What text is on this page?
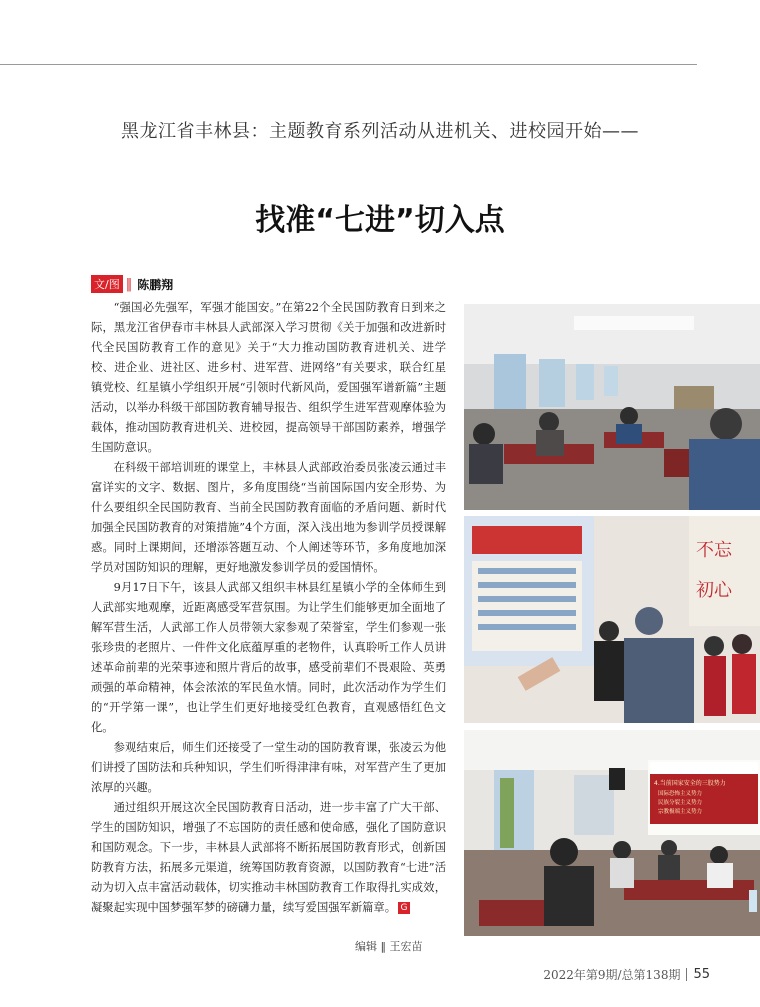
黑龙江省丰林县：主题教育系列活动从进机关、进校园开始——
找准“七进”切入点
文/图 ‖ 陈鹏翔

“强国必先强军，军强才能国安。”在第22个全民国防教育日到来之际，黑龙江省伊春市丰林县人武部深入学习贯彻《关于加强和改进新时代全民国防教育工作的意见》关于“大力推动国防教育进机关、进学校、进企业、进社区、进乡村、进军营、进网络”有关要求，联合红星镇党校、红星镇小学组织开展“引领时代新风尚，爱国强军谱新篇”主题活动，以举办科级干部国防教育辅导报告、组织学生进军营观摩体验为载体，推动国防教育进机关、进校园，提高领导干部国防素养，增强学生国防意识。

在科级干部培训班的课堂上，丰林县人武部政治委员张凌云通过丰富详实的文字、数据、图片，多角度围绕“当前国际国内安全形势、为什么要组织全民国防教育、当前全民国防教育面临的矛盾问题、新时代加强全民国防教育的对策措施”4个方面，深入浅出地为参训学员授课解惑。同时上课期间，还增添答题互动、个人阐述等环节，多角度地加深学员对国防知识的理解，更好地激发参训学员的爱国情怀。

9月17日下午，该县人武部又组织丰林县红星镇小学的全体师生到人武部实地观摩，近距离感受军营氛围。为让学生们能够更加全面地了解军营生活，人武部工作人员带领大家参观了荣誉室，学生们参观一张张珍贵的老照片、一件件文化底蕴厚重的老物件，认真聆听工作人员讲述革命前辈的光荣事迹和照片背后的故事，感受前辈们不畏艰险、英勇顽强的革命精神，体会浓浓的军民鱼水情。同时，此次活动作为学生们的“开学第一课”，也让学生们更好地接受红色教育，直观感悟红色文化。

参观结束后，师生们还接受了一堂生动的国防教育课，张凌云为他们讲授了国防法和兵种知识，学生们听得津津有味，对军营产生了更加浓厚的兴趣。

通过组织开展这次全民国防教育日活动，进一步丰富了广大干部、学生的国防知识，增强了不忘国防的责任感和使命感，强化了国防意识和国防观念。下一步，丰林县人武部将不断拓展国防教育形式，创新国防教育方法，拓展多元渠道，统筹国防教育资源，以国防教育“七进”活动为切入点丰富活动载体，切实推动丰林国防教育工作取得扎实成效，凝聚起实现中国梦强军梦的磅礴力量，续写爱国强军新篇章。 G

不忘
初心
4.当前国家安全的三股势力
国际恐怖主义势力
民族分裂主义势力
宗教极端主义势力
编辑 ‖ 王宏苗
2022年第9期/总第138期 55
